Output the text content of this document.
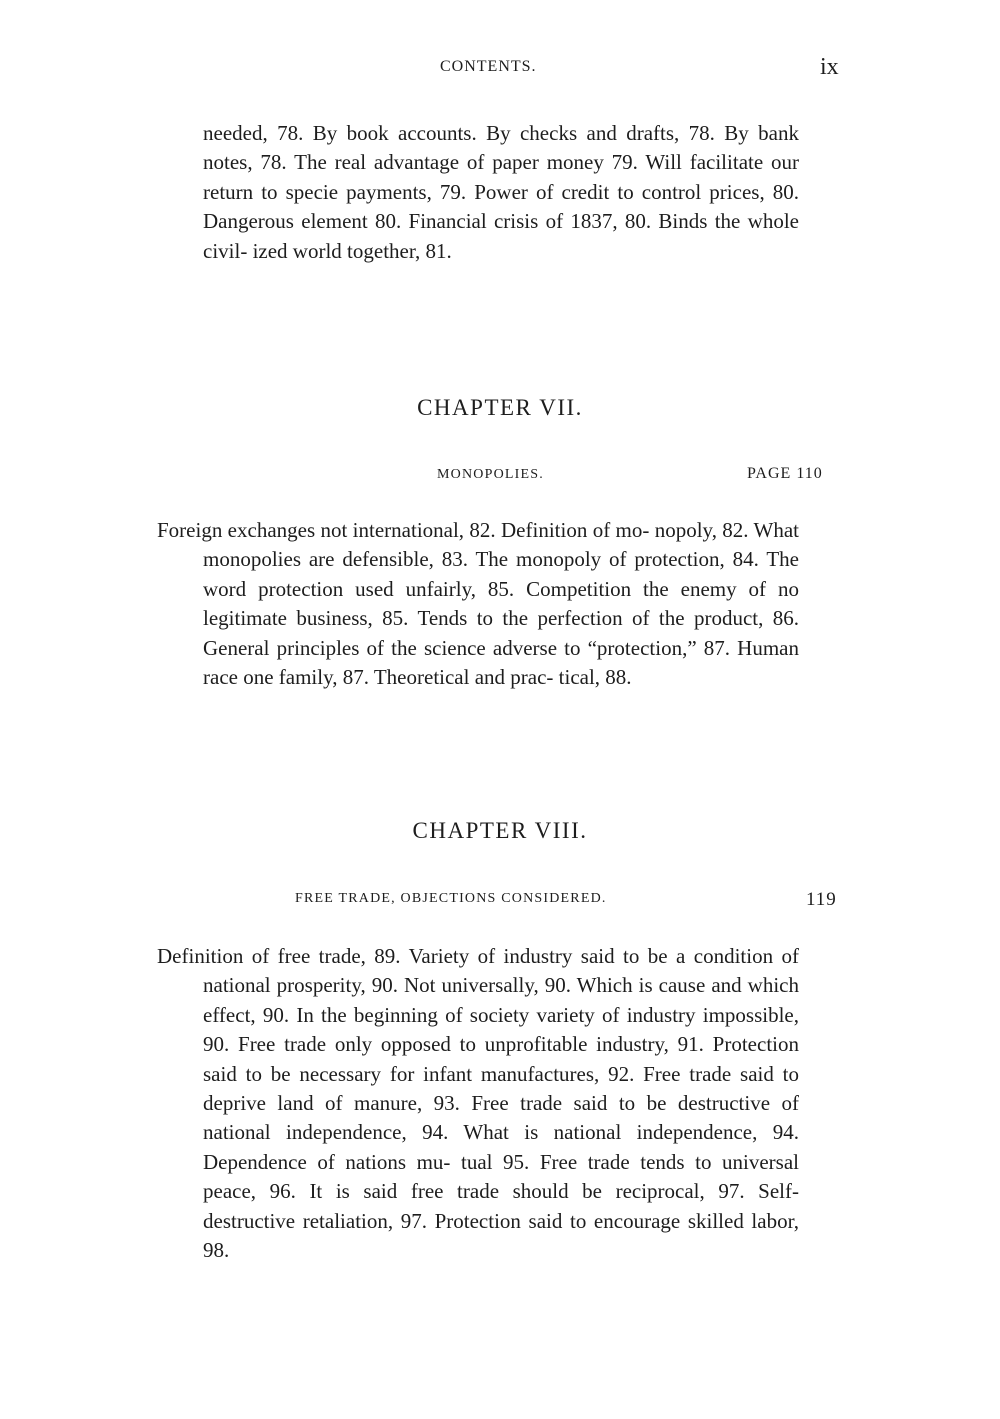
CONTENTS.	ix

needed, 78. By book accounts. By checks and drafts, 78. By bank notes, 78. The real advantage of paper money 79. Will facilitate our return to specie payments, 79. Power of credit to control prices, 80. Dangerous element 80. Financial crisis of 1837, 80. Binds the whole civil- ized world together, 81.

CHAPTER VII.
MONOPOLIES.	PAGE 110

Foreign exchanges not international, 82. Definition of mo- nopoly, 82. What monopolies are defensible, 83. The monopoly of protection, 84. The word protection used unfairly, 85. Competition the enemy of no legitimate business, 85. Tends to the perfection of the product, 86. General principles of the science adverse to “protection,” 87. Human race one family, 87. Theoretical and prac- tical, 88.

CHAPTER VIII.
FREE TRADE, OBJECTIONS CONSIDERED.	119

Definition of free trade, 89. Variety of industry said to be a condition of national prosperity, 90. Not universally, 90. Which is cause and which effect, 90. In the beginning of society variety of industry impossible, 90. Free trade only opposed to unprofitable industry, 91. Protection said to be necessary for infant manufactures, 92. Free trade said to deprive land of manure, 93. Free trade said to be destructive of national independence, 94. What is national independence, 94. Dependence of nations mu- tual 95. Free trade tends to universal peace, 96. It is said free trade should be reciprocal, 97. Self-destructive retaliation, 97. Protection said to encourage skilled labor, 98.
